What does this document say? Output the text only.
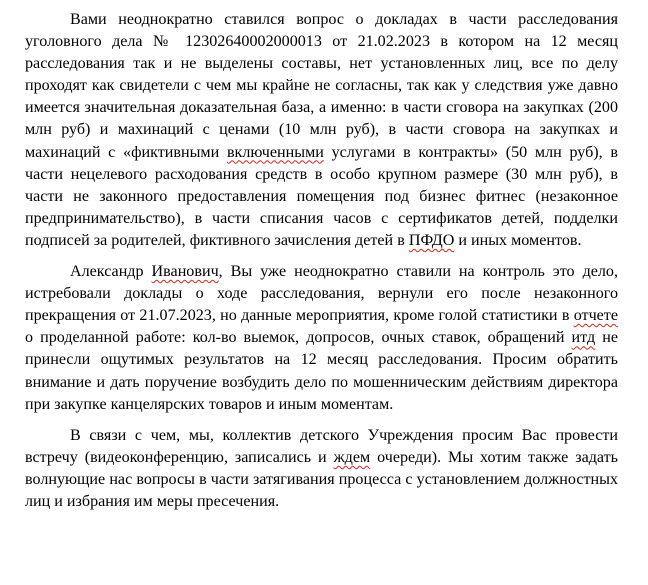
Вами неоднократно ставился вопрос о докладах в части расследования уголовного дела № 12302640002000013 от 21.02.2023 в котором на 12 месяц расследования так и не выделены составы, нет установленных лиц, все по делу проходят как свидетели с чем мы крайне не согласны, так как у следствия уже давно имеется значительная доказательная база, а именно: в части сговора на закупках (200 млн руб) и махинаций с ценами (10 млн руб), в части сговора на закупках и махинаций с «фиктивными включенными услугами в контракты» (50 млн руб), в части нецелевого расходования средств в особо крупном размере (30 млн руб), в части не законного предоставления помещения под бизнес фитнес (незаконное предпринимательство), в части списания часов с сертификатов детей, подделки подписей за родителей, фиктивного зачисления детей в ПФДО и иных моментов.

Александр Иванович, Вы уже неоднократно ставили на контроль это дело, истребовали доклады о ходе расследования, вернули его после незаконного прекращения от 21.07.2023, но данные мероприятия, кроме голой статистики в отчете о проделанной работе: кол-во выемок, допросов, очных ставок, обращений итд не принесли ощутимых результатов на 12 месяц расследования. Просим обратить внимание и дать поручение возбудить дело по мошенническим действиям директора при закупке канцелярских товаров и иным моментам.

В связи с чем, мы, коллектив детского Учреждения просим Вас провести встречу (видеоконференцию, записались и ждем очереди). Мы хотим также задать волнующие нас вопросы в части затягивания процесса с установлением должностных лиц и избрания им меры пресечения.
